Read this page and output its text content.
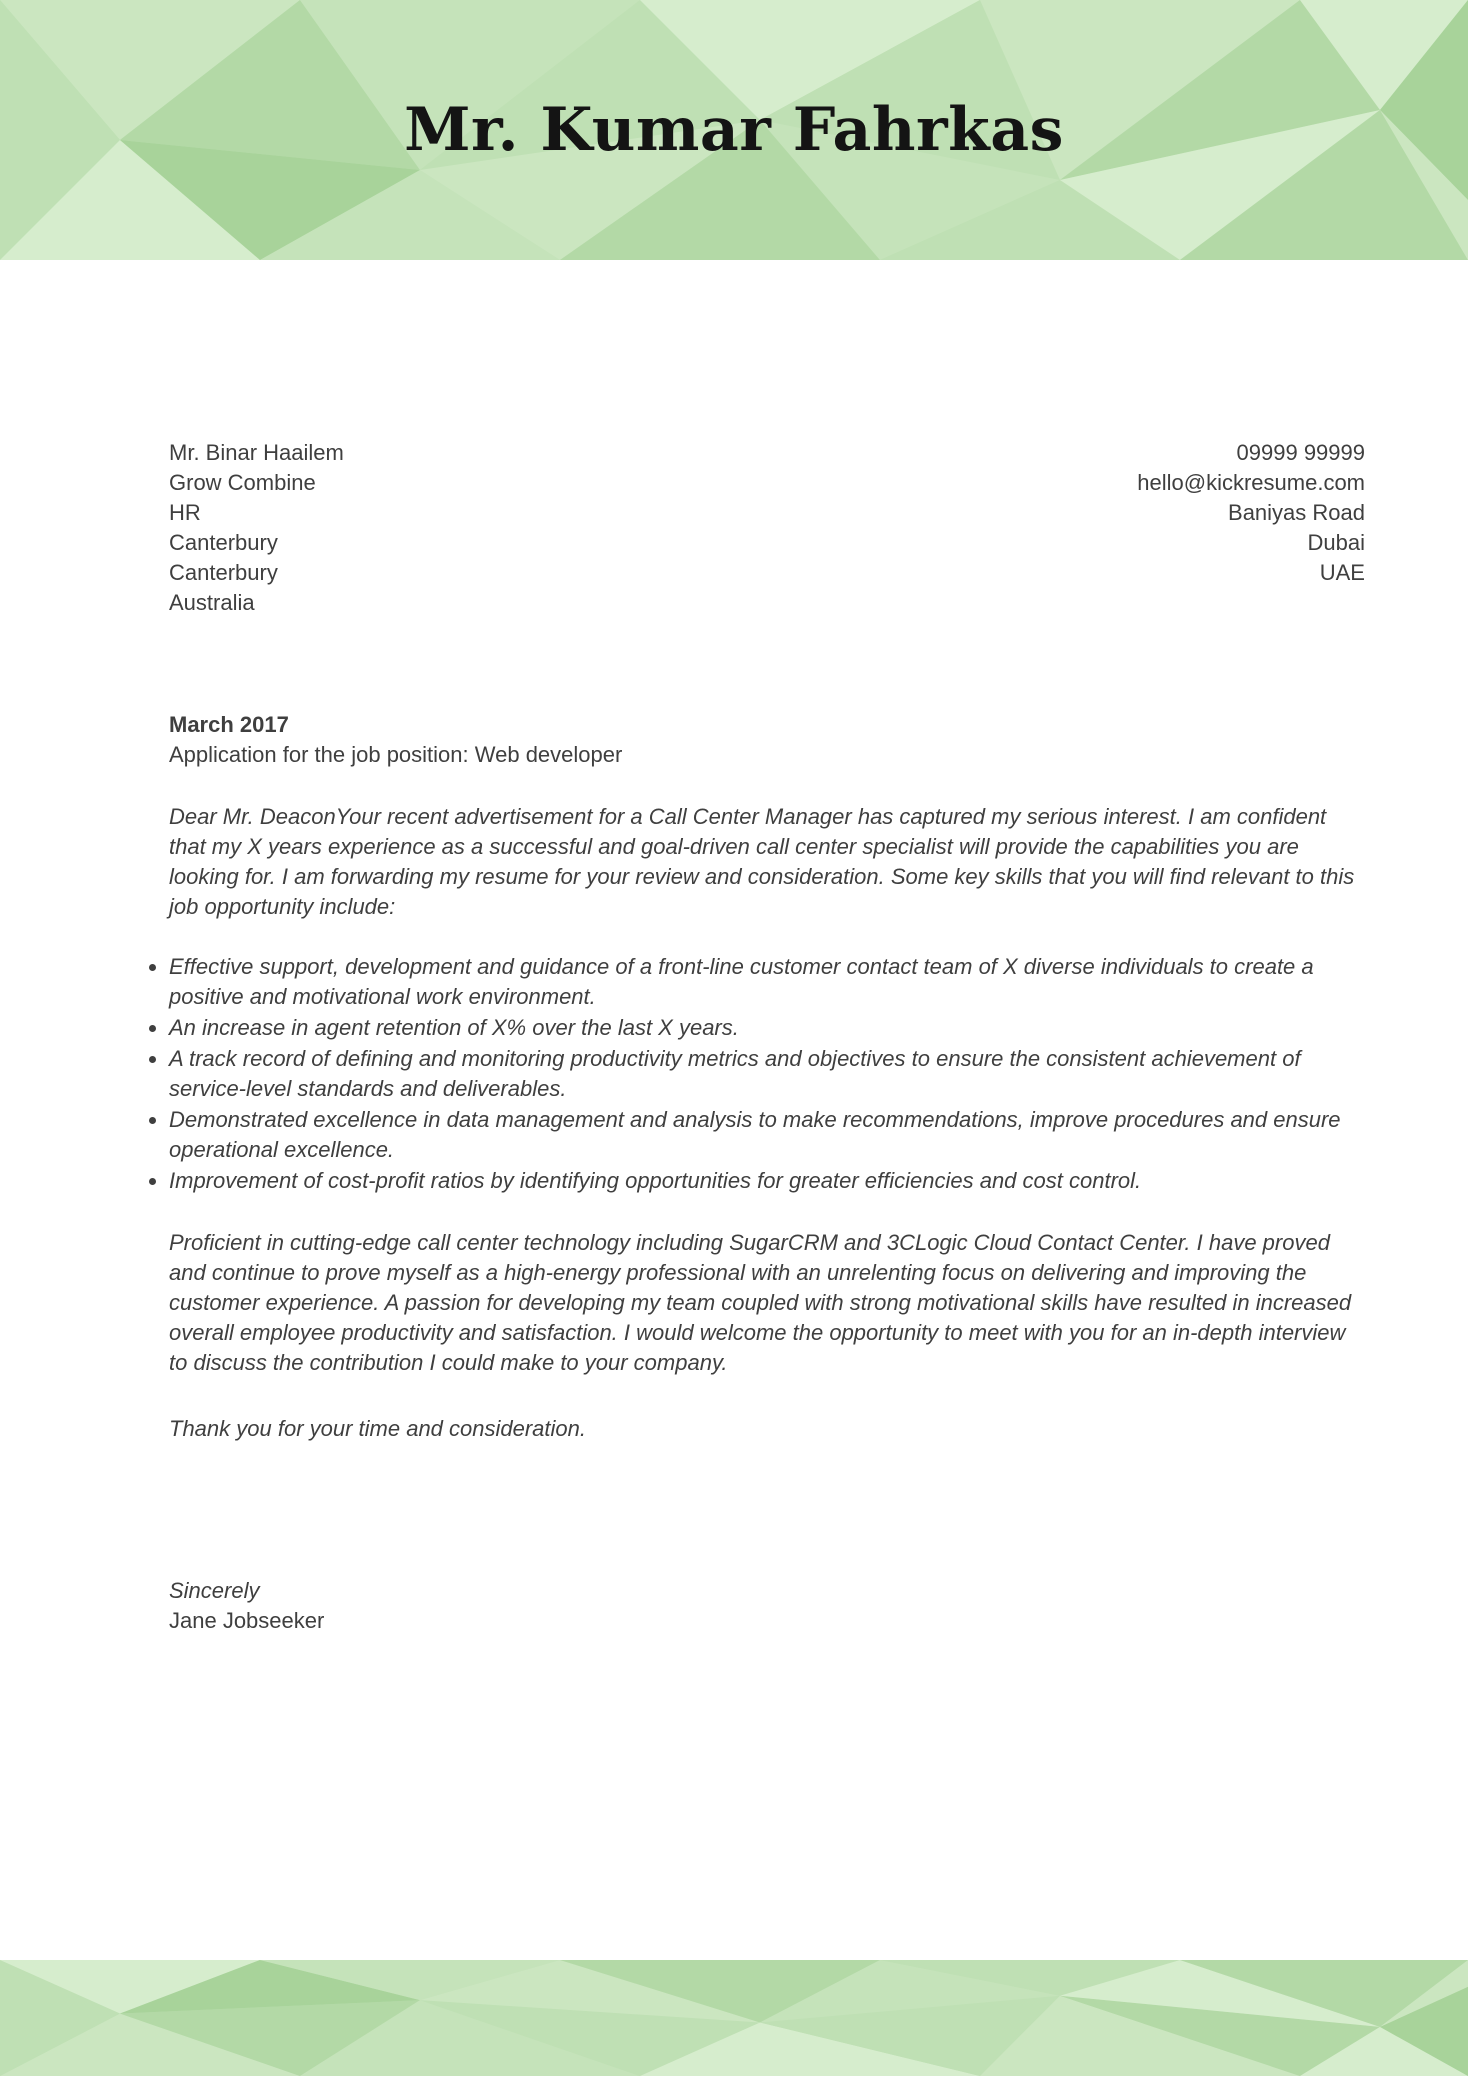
Mr. Kumar Fahrkas
Mr. Binar Haailem
Grow Combine
HR
Canterbury
Canterbury
Australia
09999 99999
hello@kickresume.com
Baniyas Road
Dubai
UAE
March 2017
Application for the job position: Web developer

Dear Mr. DeaconYour recent advertisement for a Call Center Manager has captured my serious interest. I am confident that my X years experience as a successful and goal-driven call center specialist will provide the capabilities you are looking for. I am forwarding my resume for your review and consideration. Some key skills that you will find relevant to this job opportunity include:

• Effective support, development and guidance of a front-line customer contact team of X diverse individuals to create a positive and motivational work environment.
• An increase in agent retention of X% over the last X years.
• A track record of defining and monitoring productivity metrics and objectives to ensure the consistent achievement of service-level standards and deliverables.
• Demonstrated excellence in data management and analysis to make recommendations, improve procedures and ensure operational excellence.
• Improvement of cost-profit ratios by identifying opportunities for greater efficiencies and cost control.

Proficient in cutting-edge call center technology including SugarCRM and 3CLogic Cloud Contact Center. I have proved and continue to prove myself as a high-energy professional with an unrelenting focus on delivering and improving the customer experience. A passion for developing my team coupled with strong motivational skills have resulted in increased overall employee productivity and satisfaction. I would welcome the opportunity to meet with you for an in-depth interview to discuss the contribution I could make to your company.

Thank you for your time and consideration.

Sincerely
Jane Jobseeker
